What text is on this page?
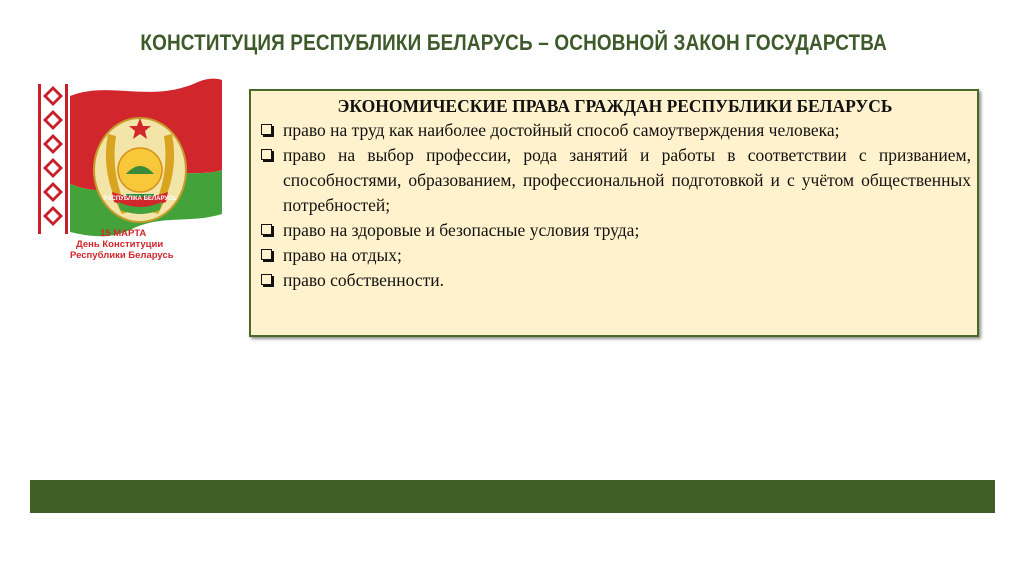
КОНСТИТУЦИЯ РЕСПУБЛИКИ БЕЛАРУСЬ – ОСНОВНОЙ ЗАКОН ГОСУДАРСТВА
РЭСПУБЛІКА БЕЛАРУСЬ
15 МАРТА
День Конституции
Республики Беларусь
ЭКОНОМИЧЕСКИЕ ПРАВА ГРАЖДАН РЕСПУБЛИКИ БЕЛАРУСЬ
право на труд как наиболее достойный способ самоутверждения человека;
право на выбор профессии, рода занятий и работы в соответствии с призванием, способностями, образованием, профессиональной подготовкой и с учётом общественных потребностей;
право на здоровые и безопасные условия труда;
право на отдых;
право собственности.
